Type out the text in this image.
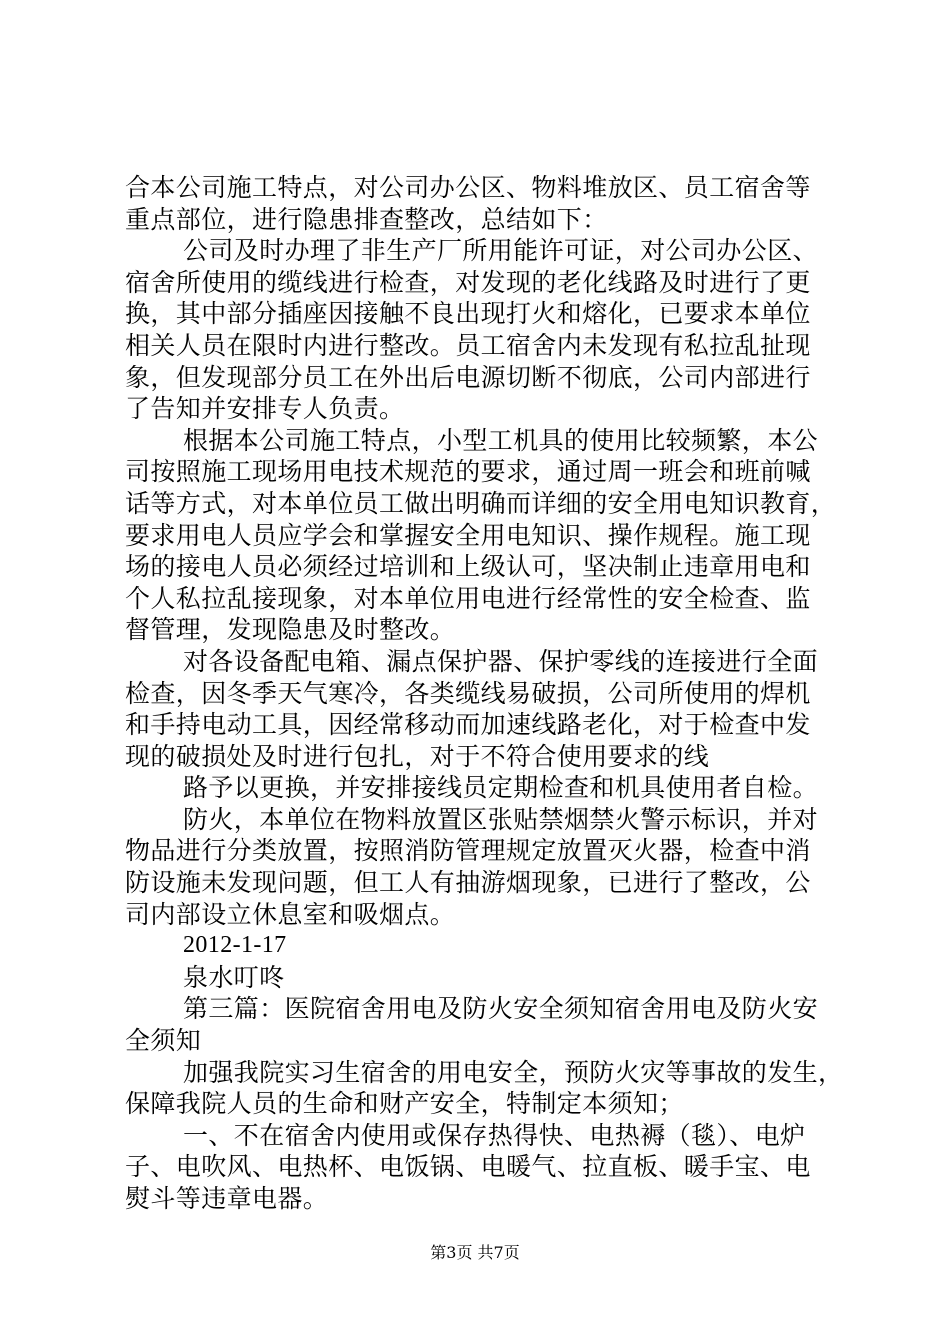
合本公司施工特点，对公司办公区、物料堆放区、员工宿舍等
重点部位，进行隐患排查整改，总结如下：
公司及时办理了非生产厂所用能许可证，对公司办公区、
宿舍所使用的缆线进行检查，对发现的老化线路及时进行了更
换，其中部分插座因接触不良出现打火和熔化，已要求本单位
相关人员在限时内进行整改。员工宿舍内未发现有私拉乱扯现
象，但发现部分员工在外出后电源切断不彻底，公司内部进行
了告知并安排专人负责。
根据本公司施工特点，小型工机具的使用比较频繁，本公
司按照施工现场用电技术规范的要求，通过周一班会和班前喊
话等方式，对本单位员工做出明确而详细的安全用电知识教育，
要求用电人员应学会和掌握安全用电知识、操作规程。施工现
场的接电人员必须经过培训和上级认可，坚决制止违章用电和
个人私拉乱接现象，对本单位用电进行经常性的安全检查、监
督管理，发现隐患及时整改。
对各设备配电箱、漏点保护器、保护零线的连接进行全面
检查，因冬季天气寒冷，各类缆线易破损，公司所使用的焊机
和手持电动工具，因经常移动而加速线路老化，对于检查中发
现的破损处及时进行包扎，对于不符合使用要求的线
路予以更换，并安排接线员定期检查和机具使用者自检。
防火，本单位在物料放置区张贴禁烟禁火警示标识，并对
物品进行分类放置，按照消防管理规定放置灭火器，检查中消
防设施未发现问题，但工人有抽游烟现象，已进行了整改，公
司内部设立休息室和吸烟点。
2012-1-17
泉水叮咚
第三篇：医院宿舍用电及防火安全须知宿舍用电及防火安
全须知
加强我院实习生宿舍的用电安全，预防火灾等事故的发生，
保障我院人员的生命和财产安全，特制定本须知；
一、不在宿舍内使用或保存热得快、电热褥（毯）、电炉
子、电吹风、电热杯、电饭锅、电暖气、拉直板、暖手宝、电
熨斗等违章电器。
第3页 共7页
